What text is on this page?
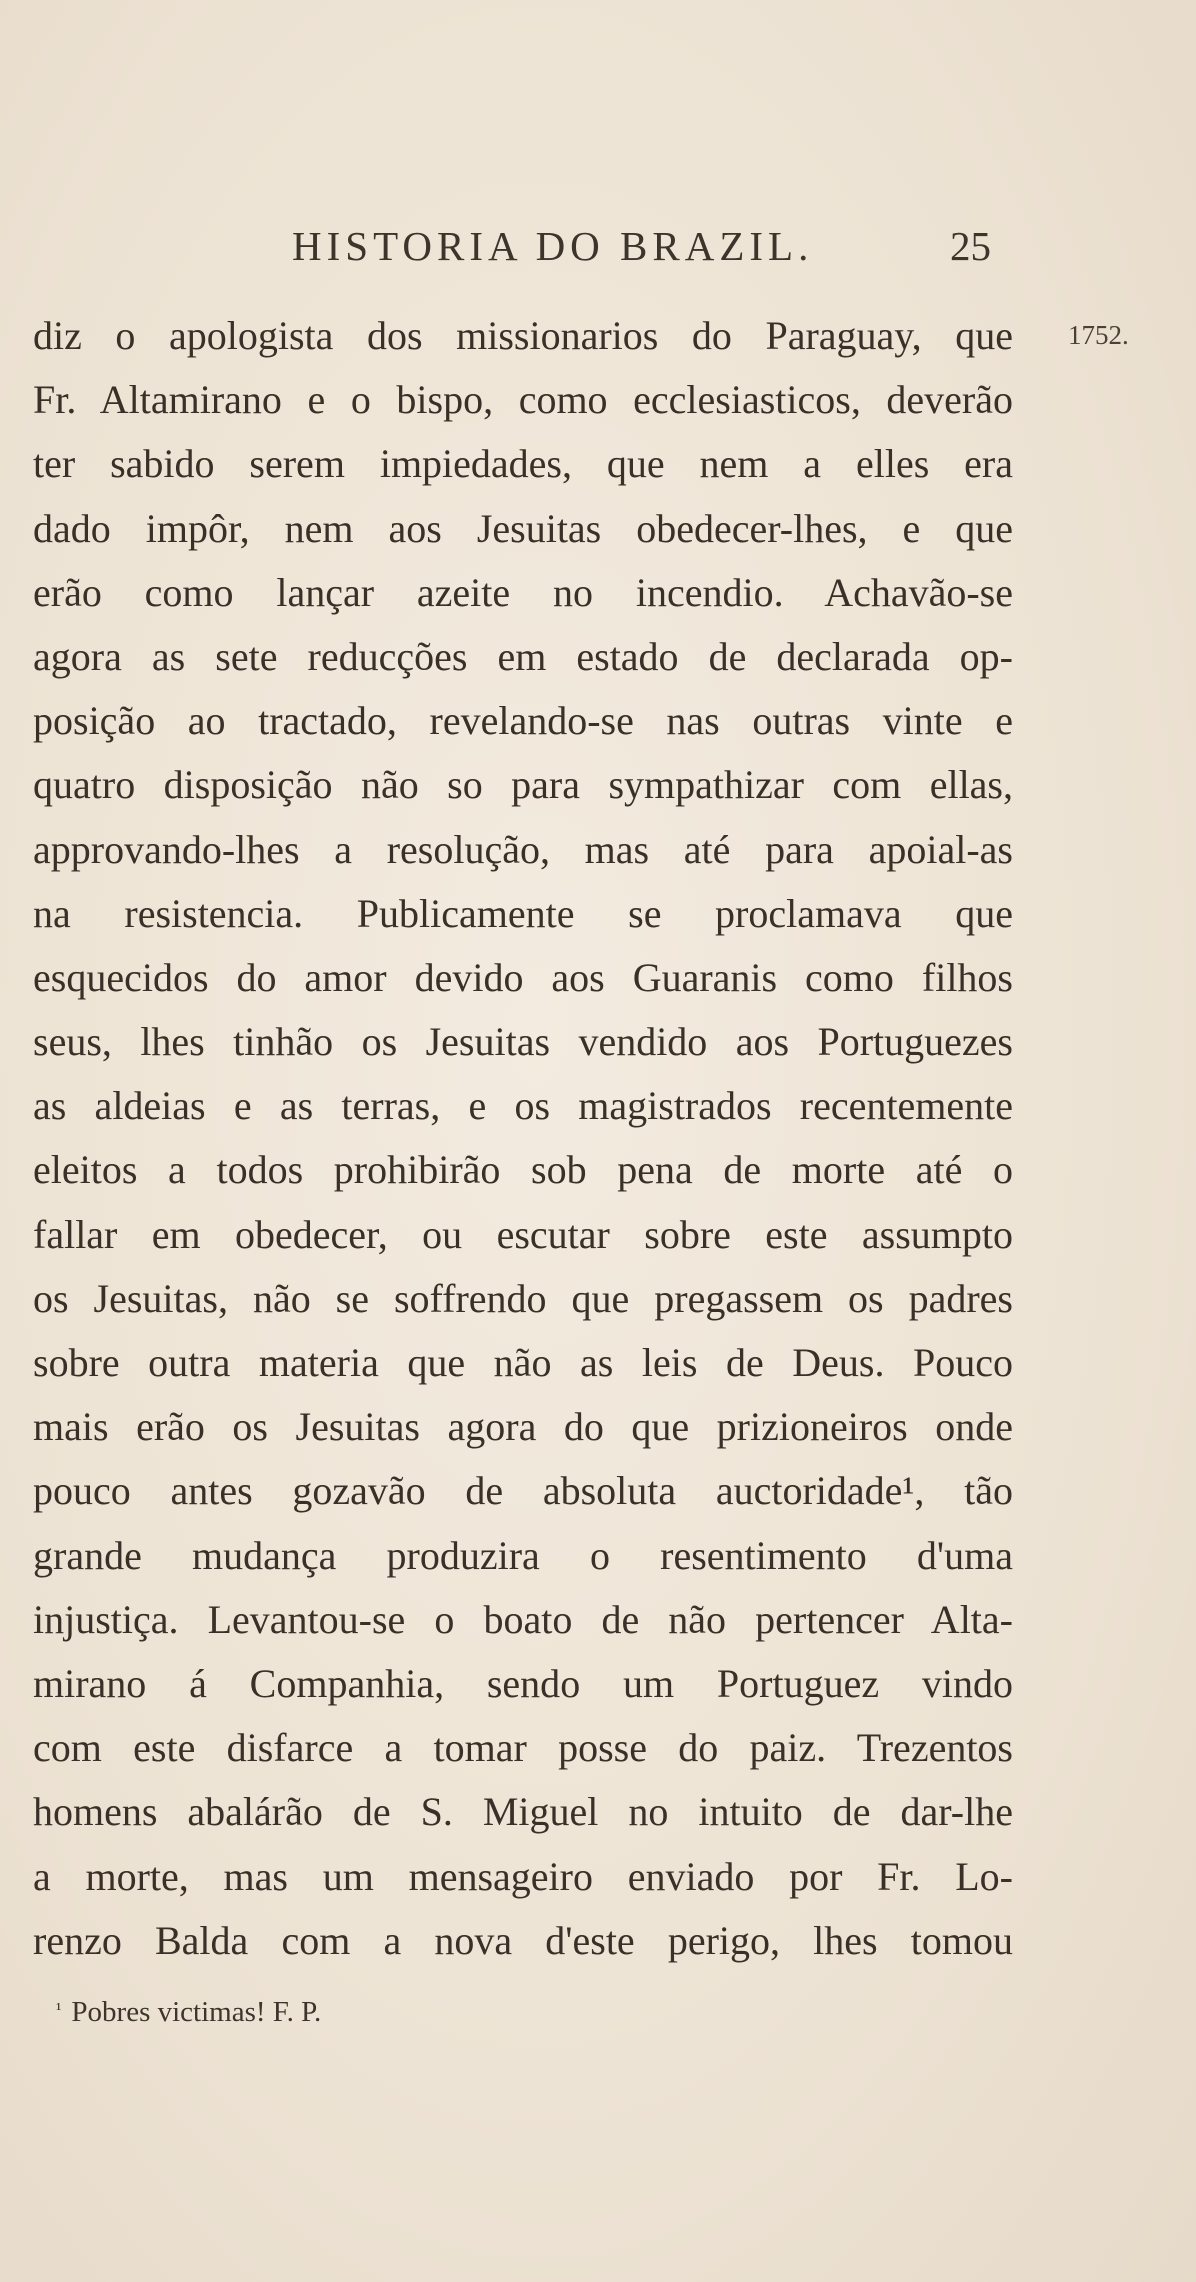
HISTORIA DO BRAZIL.	25
1752.
diz o apologista dos missionarios do Paraguay, que
Fr. Altamirano e o bispo, como ecclesiasticos, deverão
ter sabido serem impiedades, que nem a elles era
dado impôr, nem aos Jesuitas obedecer-lhes, e que
erão como lançar azeite no incendio. Achavão-se
agora as sete reducções em estado de declarada op-
posição ao tractado, revelando-se nas outras vinte e
quatro disposição não so para sympathizar com ellas,
approvando-lhes a resolução, mas até para apoial-as
na resistencia. Publicamente se proclamava que
esquecidos do amor devido aos Guaranis como filhos
seus, lhes tinhão os Jesuitas vendido aos Portuguezes
as aldeias e as terras, e os magistrados recentemente
eleitos a todos prohibirão sob pena de morte até o
fallar em obedecer, ou escutar sobre este assumpto
os Jesuitas, não se soffrendo que pregassem os padres
sobre outra materia que não as leis de Deus. Pouco
mais erão os Jesuitas agora do que prizioneiros onde
pouco antes gozavão de absoluta auctoridade¹, tão
grande mudança produzira o resentimento d'uma
injustiça. Levantou-se o boato de não pertencer Alta-
mirano á Companhia, sendo um Portuguez vindo
com este disfarce a tomar posse do paiz. Trezentos
homens abalárão de S. Miguel no intuito de dar-lhe
a morte, mas um mensageiro enviado por Fr. Lo-
renzo Balda com a nova d'este perigo, lhes tomou
$^{^1}$ Pobres victimas! F. P.
